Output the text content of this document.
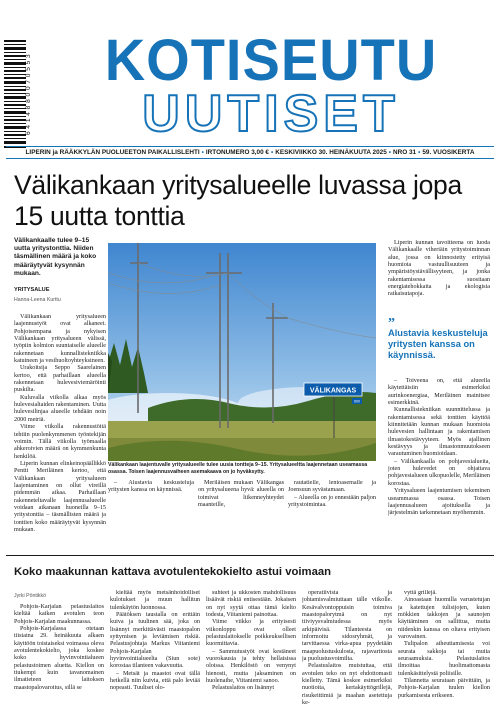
6 4 1 4 8 8 0 0 7 0 5 5 3	KOTISEUTU
UUTISET
LIPERIN ja RÄÄKKYLÄN PUOLUEETON PAIKALLISLEHTI • IRTONUMERO 3,00 € • KESKIVIIKKO 30. HEINÄKUUTA 2025 • NRO 31 • 59. VUOSIKERTA
Välikankaan yritysalueelle luvassa jopa 15 uutta tonttia
Välikankaalle tulee 9–15 uutta yritystonttia. Niiden täsmällinen määrä ja koko määräytyvät kysynnän mukaan.
YRITYSALUE
Hanna-Leena Kurttu

Välikankaan yritysalueen laajennustyöt ovat alkaneet. Pohjoisempana ja nykyisen Välikankaan yritysalueen välissä, työpiin kolmion suuntaiselle alueelle rakennetaan kunnallistekniikka katuineen ja vesihuoltoyhteyksineen.

Urakoitsija Seppo Saarelainen kertoo, että parhaillaan alueella rakennetaan hulevesiviemäröinti puskilta.

Kuluvalla viikolla alkaa myös hulevesialtaiden rakentaminen. Uutta hulevesilinjaa alueelle tehdään noin 2000 metriä.

Viime viikolla rakennustöitä tehtiin puolenkymmenen työntekijän voimin. Tällä viikolla työmaalla ahkeroivien määrä on kymmenkunta henkilöä.

Liperin kunnan elinkeinopäällikkö Pentti Meriläinen kertoo, että Välikankaan yritysalueen laajentaminen on ollut vireillä pidemmän aikaa. Parhaillaan rakenneteltavalle laajennusalueelle voidaan aikanaan huoneilla 9–15 yritystonttia – täsmällisten määrä ja tonttien koko määräytyvät kysynnän mukaan.

VÄLIKANGAS
600
Välikankaan laajentuvalle yritysalueelle tulee uusia tontteja 9–15. Yritysalueeltta laajennetaan useamassa osassa. Toisen laajennusvaiheen asemakaava on jo hyväksytty.

– Alustavia keskusteluja yritysten kanssa on käynnissä.

Meriläisen mukaan Välikangas on yritysalueena hyvä: alueella on toimivat liikenneyhteydet maanteille,

rautatielle, lentoasemalle ja Joensuun syvästamaan.

– Alueella on jo ennestään paljon yritystoimintaa.

Liperin kunnan tavoitteena on luoda Välikankaalle viheriäin yritystoiminnan alue, jossa on kiinnostetty erityisä huomiota vastuullisuuteen ja ympäristöystävällisyyteen, ja jonka rakentamisessa suositaan energiatehokkaita ja ekologisia ratkaisutapoja.

”
Alustavia keskusteluja yritysten kanssa on käynnissä.

– Toiveena on, että alueella käytettäisiin esimerkiksi aurinkoenergiaa, Meriläinen mainitsee esimerkkinä.

Kunnallistekniikan suunnittelussa ja rakentamisessa sekä tonttien käyttöä kiinnitetään kunnan mukaan huomiota hulevesien hallintaan ja rakentamisen ilmastokestävyyteen. Myös ajallinen kestävyys ja ilmastonmuutokseen varautuminen huomioidaan.

– Välikankaalla on pohjavesialueita, joten hulevedet on ohjattava pohjavesialueen ulkopuolelle, Meriläinen korostaa.

Yritysalueen laajentumisen tekeminen useammassa osassa. Toisen laajennusalueen ajoituksella ja järjestelmän tarkennetaan myöhemmin.

Koko maakunnan kattava avotulentekokielto astui voimaan
Jyrki Pöntikkö

Pohjois-Karjalan pelastuslaitos kieltää kaiken avotulen teon Pohjois-Karjalan maakunnassa.

Pohjois-Karjalassa otetaan tiistaina 29. heinäkuuta alkaen käyttöön toistaiseksi voimassa oleva avotulentekokielto, joka koskee koko hyvinvointialueen pelastustoimen aluetta. Kiellon on tiukempi kuin tavanomainen ilmatieteen laitoksen maastopalovaroitus, sillä se

kieltää myös metsänhoidolliset kulotukset ja muun hallitun tulenkäytön luonnossa.

Päätöksen taustalla on erittäin kuiva ja tuulinen sää, joka on lisännyt merkittävästi maastopalon syttymisen ja leviämisen riskiä. Pelastusjohtaja Markus Viitaniemi Pohjois-Karjalan hyvinvointialueelta (Siun sote) korostaa tilanteen vakavuutta.

– Metsät ja maastot ovat tällä hetkellä niin kuivia, että palo leviää nopeasti. Tuuliset olo-

suhteet ja ukkosten mahdollisuus lisäävät riskiä entisestään. Jokaisen on nyt syytä ottaa tämä kielto todesta, Viitaniemi painottaa.

Viime viikko ja erityisesti viikonloppu ovat olleet pelastuslaitokselle poikkeuksellisen kuormittavia.

– Sammutustyöt ovat kestäneet vuorokausia ja tehty hellaisissa oloissa. Henkilöstö on venynyt hienosti, mutta jaksaminen on huolenaihe, Viitaniemi sanoo.

Pelastuslaitos on lisännyt

operatiivista ja johtamisvalmiuttaan tälle viikolle. Kesävalvontoppuisin toimiva maastopalorytmä on nyt tiiviyysvalmiudessa myös arkipäivisä. Tilanteesta on informoitu sidosryhmät, ja tarvittaessa virka-apua pyydetään maapuolustuskulosta, rajavartiosta ja puolustusvoimilta.

Pelastuslaitos muistuttaa, että avotulen teko on nyt ehdottomasti kielletty. Tämä koskee esimerkiksi nuotioita, kertakäyttögrillejä, risukeittimiä ja maahan asetettuja ke-

vyttä grillejä.

Ainoastaan huomilla varustetujan ja katettujen tulisijojen, kuten mökkien takkojen ja saunojen käyttäminen on sallittua, mutta niidenkin kanssa on oltava erityisen varovainen.

Tulipalon aiheuttamisesta voi seurata sakkoja tai muita seuraamuksia. Pelastuslaitos ilmoittaa huolimattomasta tulenkäsittelystä poliisille.

Tilannetta seurataan päivittäin, ja Pohjois-Karjalan tuulen kiellon purkamisesta erikseen.
